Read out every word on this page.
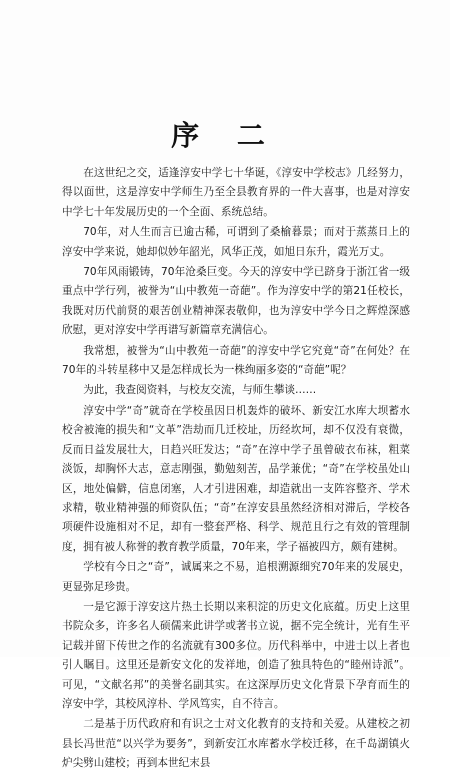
序 二

在这世纪之交，适逢淳安中学七十华诞，《淳安中学校志》几经努力，得以面世，这是淳安中学师生乃至全县教育界的一件大喜事，也是对淳安中学七十年发展历史的一个全面、系统总结。

70年，对人生而言已逾古稀，可谓到了桑榆暮景；而对于蒸蒸日上的淳安中学来说，她却似妙年韶光，风华正茂，如旭日东升，霞光万丈。

70年风雨锻铸，70年沧桑巨变。今天的淳安中学已跻身于浙江省一级重点中学行列，被誉为“山中教苑一奇葩”。作为淳安中学的第21任校长，我既对历代前贤的艰苦创业精神深表敬仰，也为淳安中学今日之辉煌深感欣慰，更对淳安中学再谱写新篇章充满信心。

我常想，被誉为“山中教苑一奇葩”的淳安中学它究竟“奇”在何处？在70年的斗转星移中又是怎样成长为一株绚丽多姿的“奇葩”呢？

为此，我查阅资料，与校友交流，与师生攀谈……

淳安中学“奇”就奇在学校虽因日机轰炸的破坏、新安江水库大坝蓄水校舍被淹的损失和“文革”浩劫而几迁校址，历经坎坷，却不仅没有衰微，反而日益发展壮大，日趋兴旺发达；“奇”在淳中学子虽曾破衣布袜，粗菜淡饭，却胸怀大志，意志刚强，勤勉刻苦，品学兼优；“奇”在学校虽处山区，地处偏僻，信息闭塞，人才引进困难，却造就出一支阵容整齐、学术求精，敬业精神强的师资队伍；“奇”在淳安县虽然经济相对滞后，学校各项硬件设施相对不足，却有一整套严格、科学、规范且行之有效的管理制度，拥有被人称誉的教育教学质量，70年来，学子福被四方，颇有建树。

学校有今日之“奇”，诚属来之不易，追根溯源细究70年来的发展史，更显弥足珍贵。

一是它源于淳安这片热土长期以来积淀的历史文化底蕴。历史上这里书院众多，许多名人硕儒来此讲学或著书立说，据不完全统计，光有生平记载并留下传世之作的名流就有300多位。历代科举中，中进士以上者也引人瞩目。这里还是新安文化的发祥地，创造了独具特色的“睦州诗派”。可见，“文献名邦”的美誉名副其实。在这深厚历史文化背景下孕育而生的淳安中学，其校风淳朴、学风笃实，自不待言。

二是基于历代政府和有识之士对文化教育的支持和关爱。从建校之初县长冯世范“以兴学为要务”，到新安江水库蓄水学校迁移，在千岛湖镇火炉尖劈山建校；再到本世纪末县
